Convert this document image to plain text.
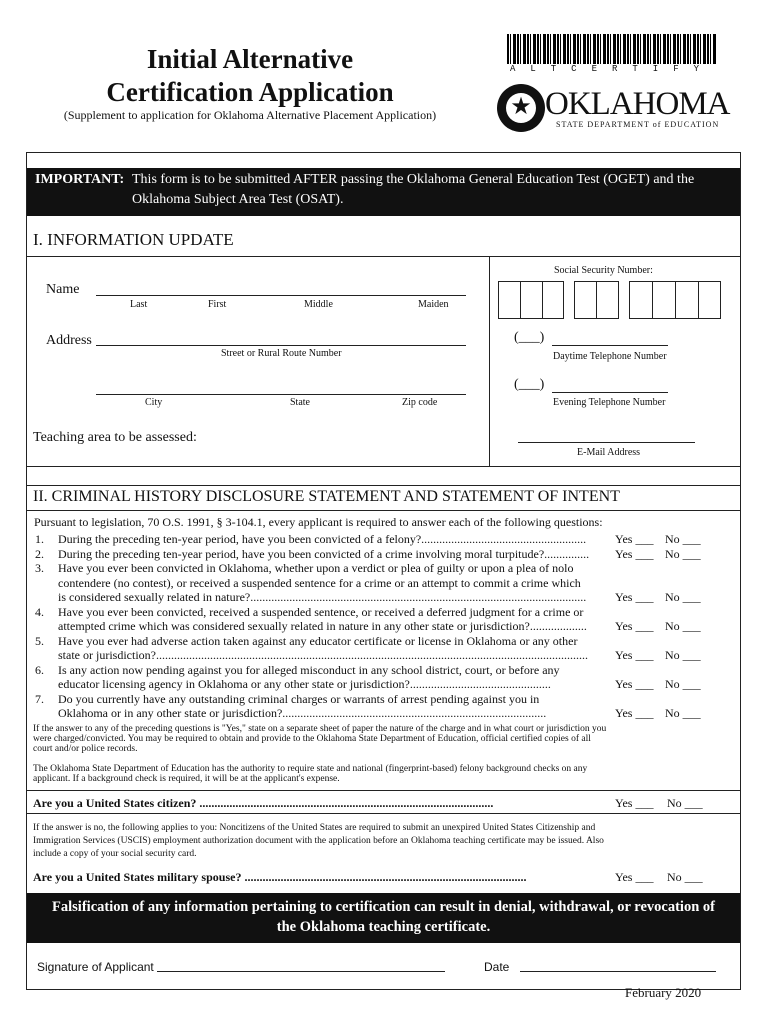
Initial Alternative
Certification Application
(Supplement to application for Oklahoma Alternative Placement Application)
ALTCERTIFY
★ OKLAHOMA
STATE DEPARTMENT of EDUCATION
IMPORTANT: This form is to be submitted AFTER passing the Oklahoma General Education Test (OGET) and the
Oklahoma Subject Area Test (OSAT).
I. INFORMATION UPDATE
Social Security Number:
Name
Last	First	Middle	Maiden
Address
Street or Rural Route Number
(___)
Daytime Telephone Number
City	State	Zip code
(___)
Evening Telephone Number
Teaching area to be assessed:
E-Mail Address
II. CRIMINAL HISTORY DISCLOSURE STATEMENT AND STATEMENT OF INTENT
Pursuant to legislation, 70 O.S. 1991, § 3-104.1, every applicant is required to answer each of the following questions:
1. During the preceding ten-year period, have you been convicted of a felony?.......................................................	Yes ___ No ___
2. During the preceding ten-year period, have you been convicted of a crime involving moral turpitude?...............	Yes ___ No ___
3. Have you ever been convicted in Oklahoma, whether upon a verdict or plea of guilty or upon a plea of nolo
contendere (no contest), or received a suspended sentence for a crime or an attempt to commit a crime which
is considered sexually related in nature?................................................................................................................	Yes ___ No ___
4. Have you ever been convicted, received a suspended sentence, or received a deferred judgment for a crime or
attempted crime which was considered sexually related in nature in any other state or jurisdiction?...................	Yes ___ No ___
5. Have you ever had adverse action taken against any educator certificate or license in Oklahoma or any other
state or jurisdiction?................................................................................................................................................	Yes ___ No ___
6. Is any action now pending against you for alleged misconduct in any school district, court, or before any
educator licensing agency in Oklahoma or any other state or jurisdiction?...............................................	Yes ___ No ___
7. Do you currently have any outstanding criminal charges or warrants of arrest pending against you in
Oklahoma or in any other state or jurisdiction?........................................................................................	Yes ___ No ___
If the answer to any of the preceding questions is "Yes," state on a separate sheet of paper the nature of the charge and in what court or jurisdiction you
were charged/convicted. You may be required to obtain and provide to the Oklahoma State Department of Education, official certified copies of all
court and/or police records.
The Oklahoma State Department of Education has the authority to require state and national (fingerprint-based) felony background checks on any
applicant. If a background check is required, it will be at the applicant's expense.
Are you a United States citizen? ..................................................................................................	Yes ___ No ___
If the answer is no, the following applies to you: Noncitizens of the United States are required to submit an unexpired United States Citizenship and
Immigration Services (USCIS) employment authorization document with the application before an Oklahoma teaching certificate may be issued. Also
include a copy of your social security card.
Are you a United States military spouse? ..............................................................................................	Yes ___ No ___
Falsification of any information pertaining to certification can result in denial, withdrawal, or revocation of
the Oklahoma teaching certificate.
Signature of Applicant	Date
February 2020
